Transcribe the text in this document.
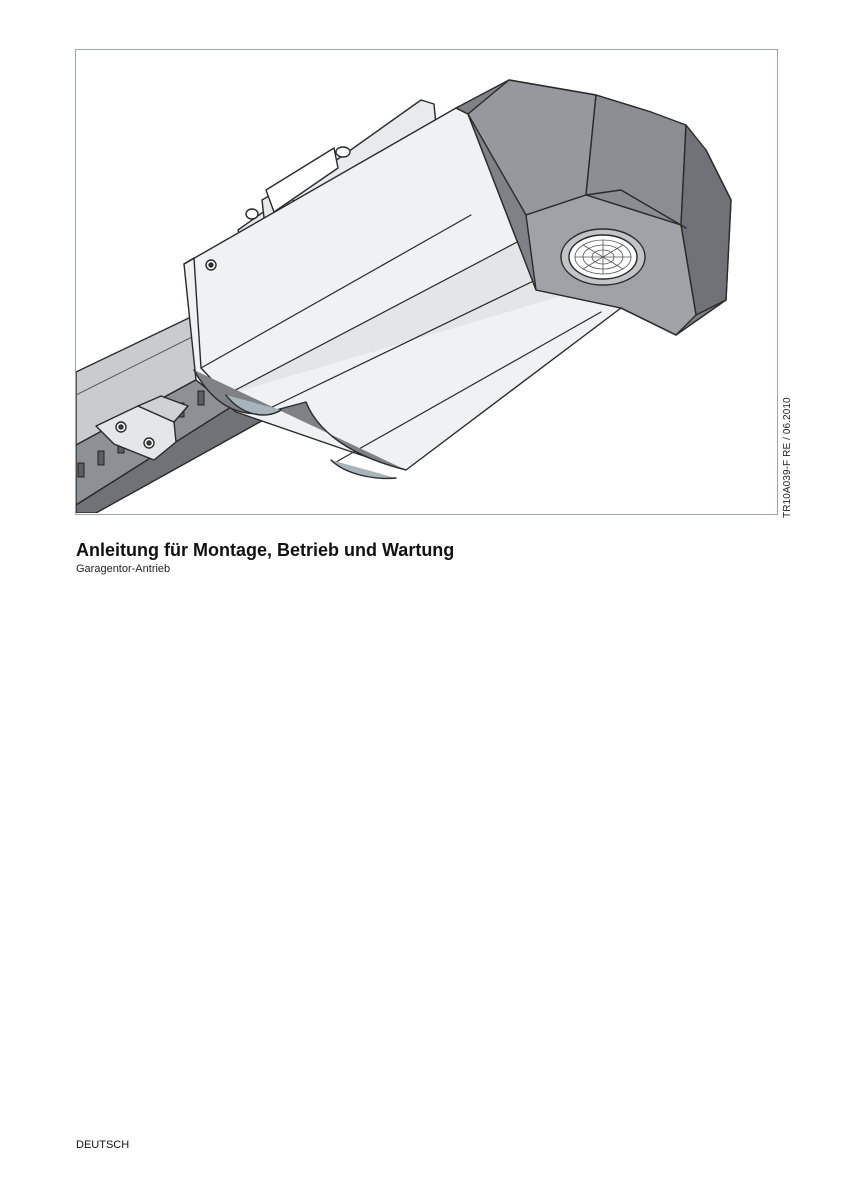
TR10A039-F RE / 06.2010
Anleitung für Montage, Betrieb und Wartung

Garagentor-Antrieb

DEUTSCH
